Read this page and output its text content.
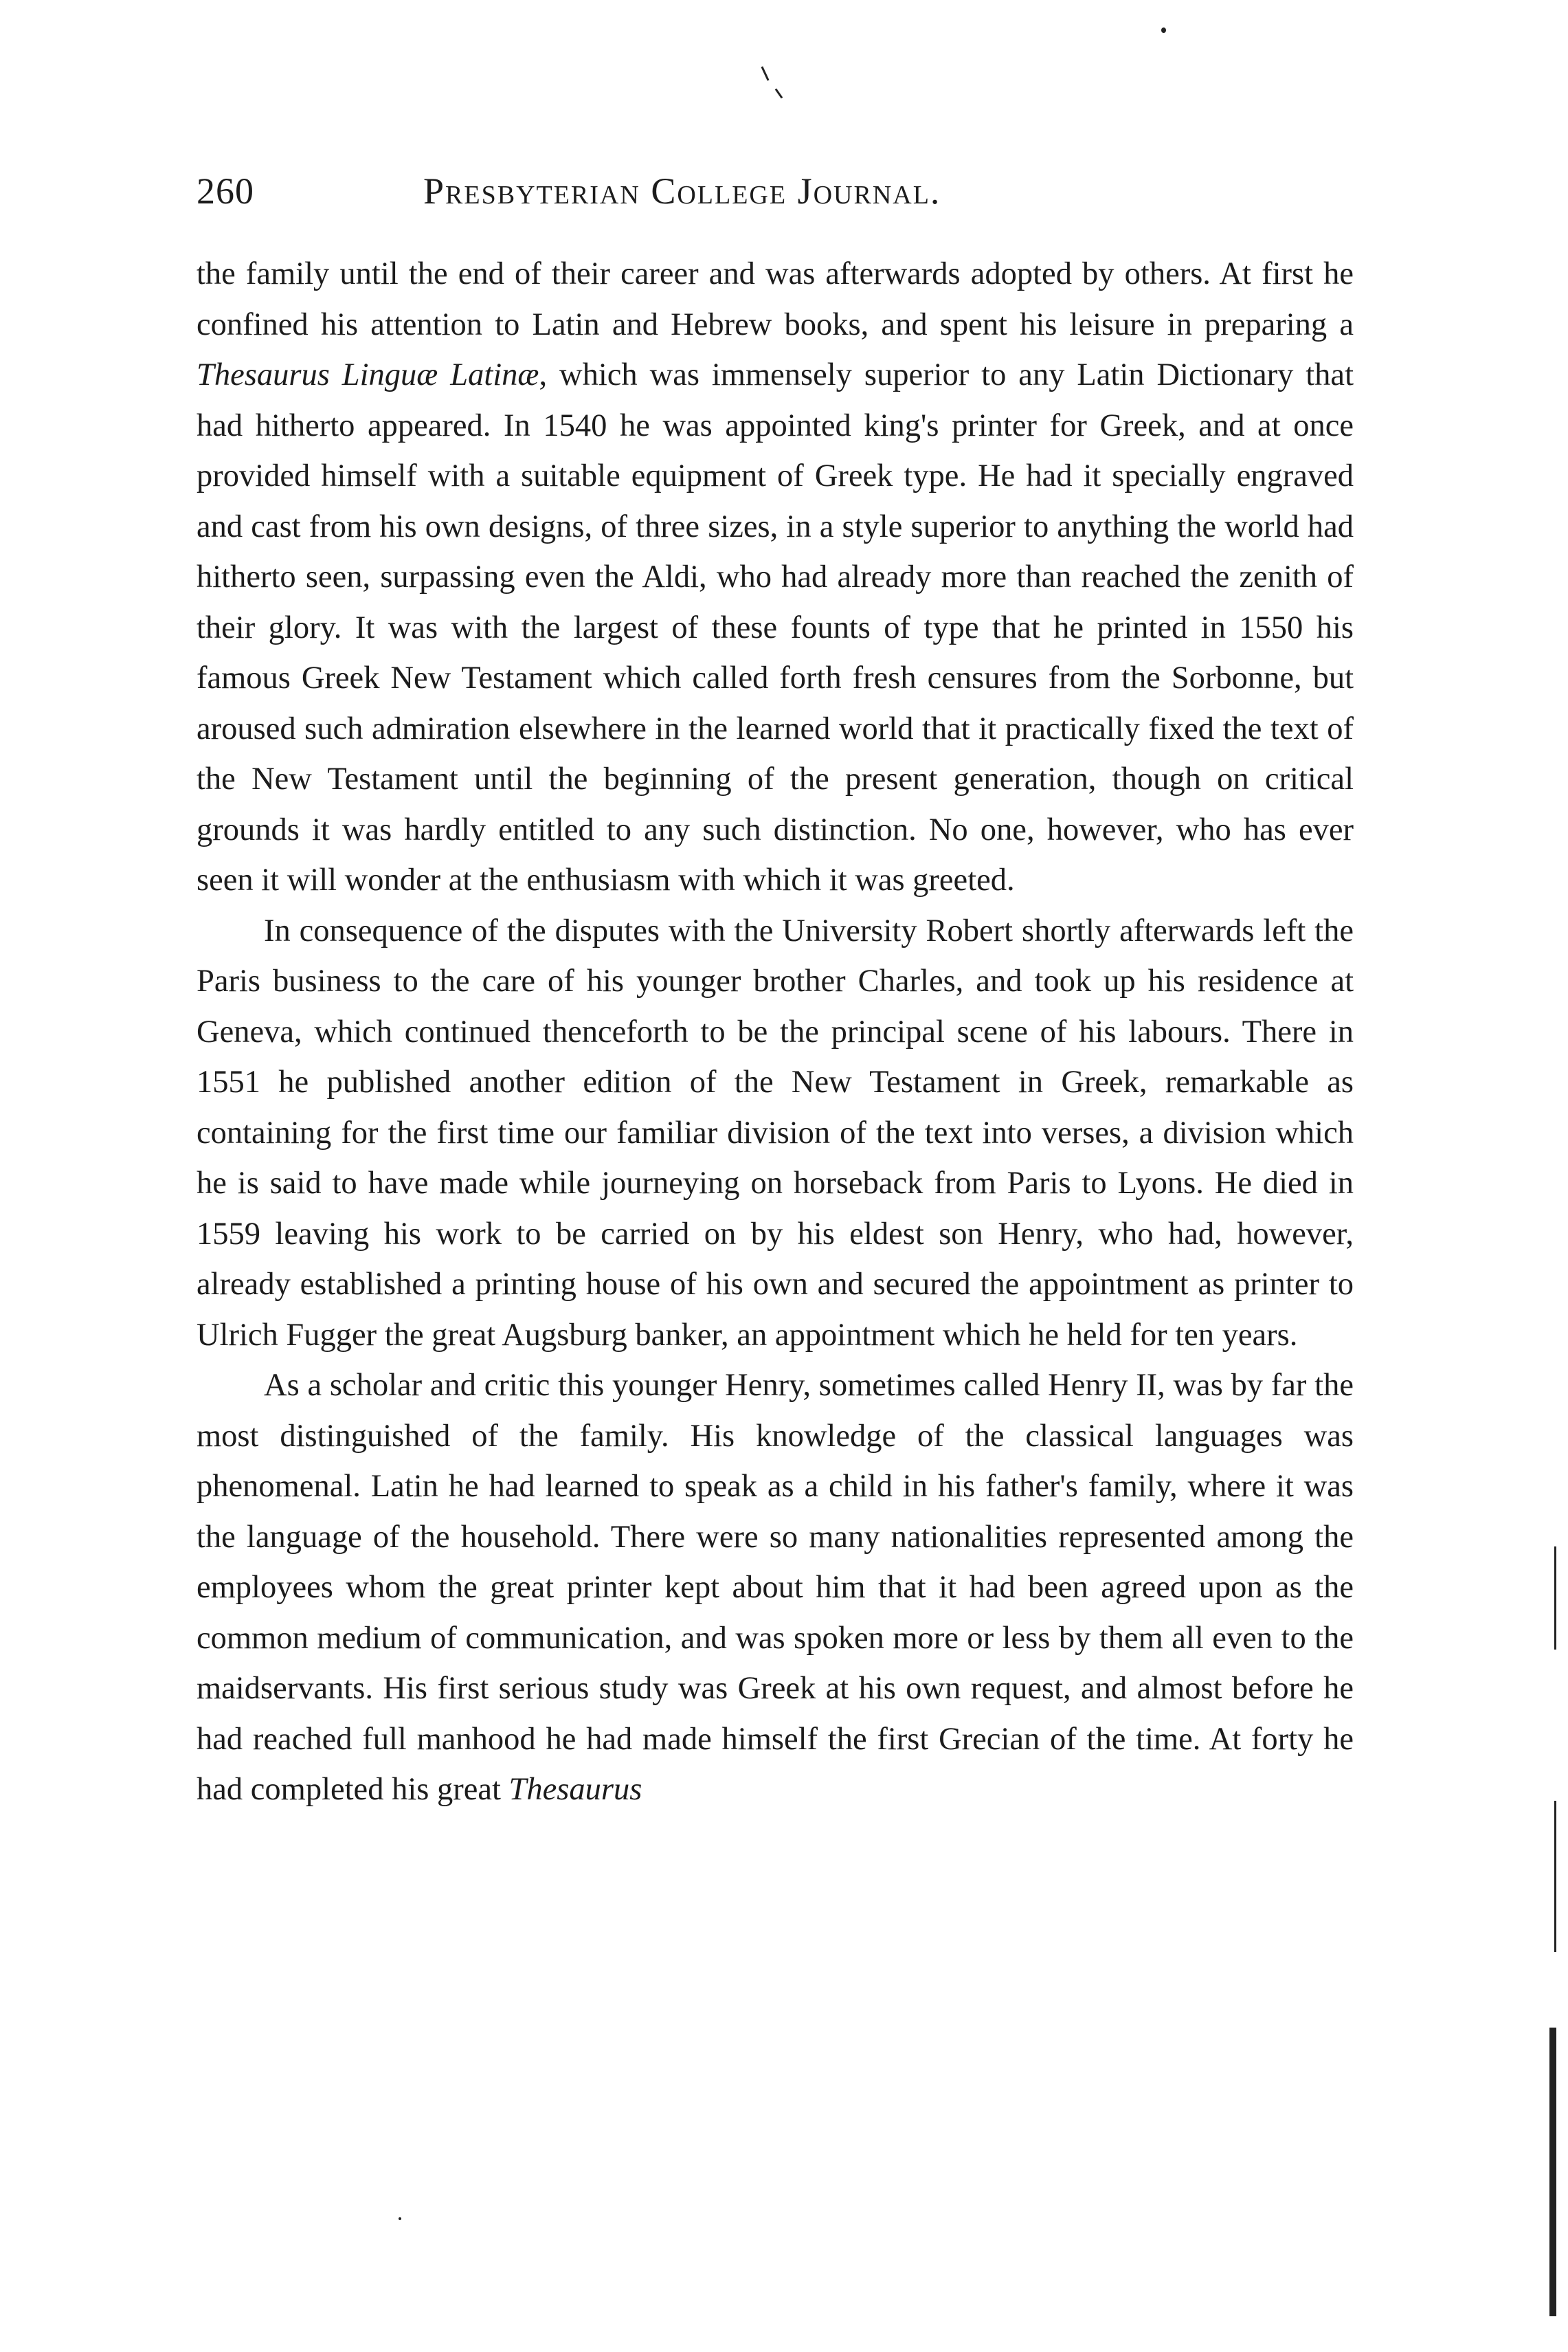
260	Presbyterian College Journal.

the family until the end of their career and was afterwards adopted by others. At first he confined his attention to Latin and Hebrew books, and spent his leisure in preparing a Thesaurus Linguæ Latinæ, which was immensely superior to any Latin Dictionary that had hitherto appeared. In 1540 he was appointed king's printer for Greek, and at once provided himself with a suitable equipment of Greek type. He had it specially engraved and cast from his own designs, of three sizes, in a style superior to anything the world had hitherto seen, surpassing even the Aldi, who had already more than reached the zenith of their glory. It was with the largest of these founts of type that he printed in 1550 his famous Greek New Testament which called forth fresh censures from the Sorbonne, but aroused such admiration elsewhere in the learned world that it practically fixed the text of the New Testament until the beginning of the present generation, though on critical grounds it was hardly entitled to any such distinction. No one, however, who has ever seen it will wonder at the enthusiasm with which it was greeted.

In consequence of the disputes with the University Robert shortly afterwards left the Paris business to the care of his younger brother Charles, and took up his residence at Geneva, which continued thenceforth to be the principal scene of his labours. There in 1551 he published another edition of the New Testament in Greek, remarkable as containing for the first time our familiar division of the text into verses, a division which he is said to have made while journeying on horseback from Paris to Lyons. He died in 1559 leaving his work to be carried on by his eldest son Henry, who had, however, already established a printing house of his own and secured the appointment as printer to Ulrich Fugger the great Augsburg banker, an appointment which he held for ten years.

As a scholar and critic this younger Henry, sometimes called Henry II, was by far the most distinguished of the family. His knowledge of the classical languages was phenomenal. Latin he had learned to speak as a child in his father's family, where it was the language of the household. There were so many nationalities represented among the employees whom the great printer kept about him that it had been agreed upon as the common medium of communication, and was spoken more or less by them all even to the maidservants. His first serious study was Greek at his own request, and almost before he had reached full manhood he had made himself the first Grecian of the time. At forty he had completed his great Thesaurus
